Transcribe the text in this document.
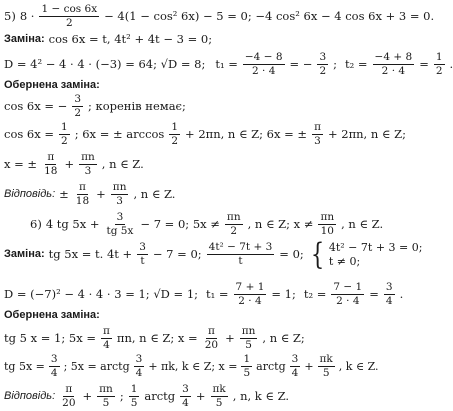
5) $8 \cdot \frac{1 - \cos 6x}{2} - 4(1 - \cos^2$ 6x) − 5 = 0; −4 cos² 6x − 4 cos 6x + 3 = 0.
Заміна: cos 6x = t, 4t² + 4t − 3 = 0;
D = 4² − 4 · 4 · (−3) = 64; √D = 8; $t_1 = \frac{-4 - 8}{2 \cdot 4}$ = − $\frac{3}{2}$ ; $t_2 = \frac{-4 + 8}{2 \cdot 4} = \frac{1}{2}$ .
Обернена заміна:
cos 6x = − $\frac{3}{2}$ ; коренів немає;
$\cos 6x = \frac{1}{2}$ ; 6x = ± $\arccos \frac{1}{2} + 2\pi n$, n ∈ Z; 6x = ± $\frac{\pi}{3} + 2\pi n$, n ∈ Z;
x = ± $\frac{\pi}{18} + \frac{\pi n}{3}$ , n ∈ Z.
Відповідь: ± $\frac{\pi}{18} + \frac{\pi n}{3}$ , n ∈ Z.
6) 4 tg $5x + \frac{3}{tg 5x} - 7 = 0$; $5x \ne \frac{\pi n}{2}$ , n ∈ Z; $x \ne \frac{\pi n}{10}$ , n ∈ Z.
Заміна: tg 5x = t. $4t + \frac{3}{t} - 7 = 0$; $\frac{\text{4t² − 7t + 3}}{t} = 0$; { 4t² − 7t + 3 = 0;
t ≠ 0;
D = (−7)² − 4 · 4 · 3 = 1; √D = 1; $t_1 = \frac{7 + 1}{2 \cdot 4} = 1$; $t_2 = \frac{7 - 1}{2 \cdot 4} = \frac{3}{4}$ .
Обернена заміна:
tg 5 x = 1; $5x = \frac{\pi}{4} \pi n$, n ∈ Z; $x = \frac{\pi}{20} + \frac{\pi n}{5}$ , n ∈ Z;
tg $5x = \frac{3}{4}$ ; 5x = arctg $\frac{3}{4} + \pi k$, k ∈ Z; $x = \frac{1}{5}$ arctg $\frac{3}{4} + \frac{\pi k}{5}$ , k ∈ Z.
Відповідь: $\frac{\pi}{20} + \frac{\pi n}{5}$ ; $\frac{1}{5}$ arctg $\frac{3}{4} + \frac{\pi k}{5}$ , n, k ∈ Z.
